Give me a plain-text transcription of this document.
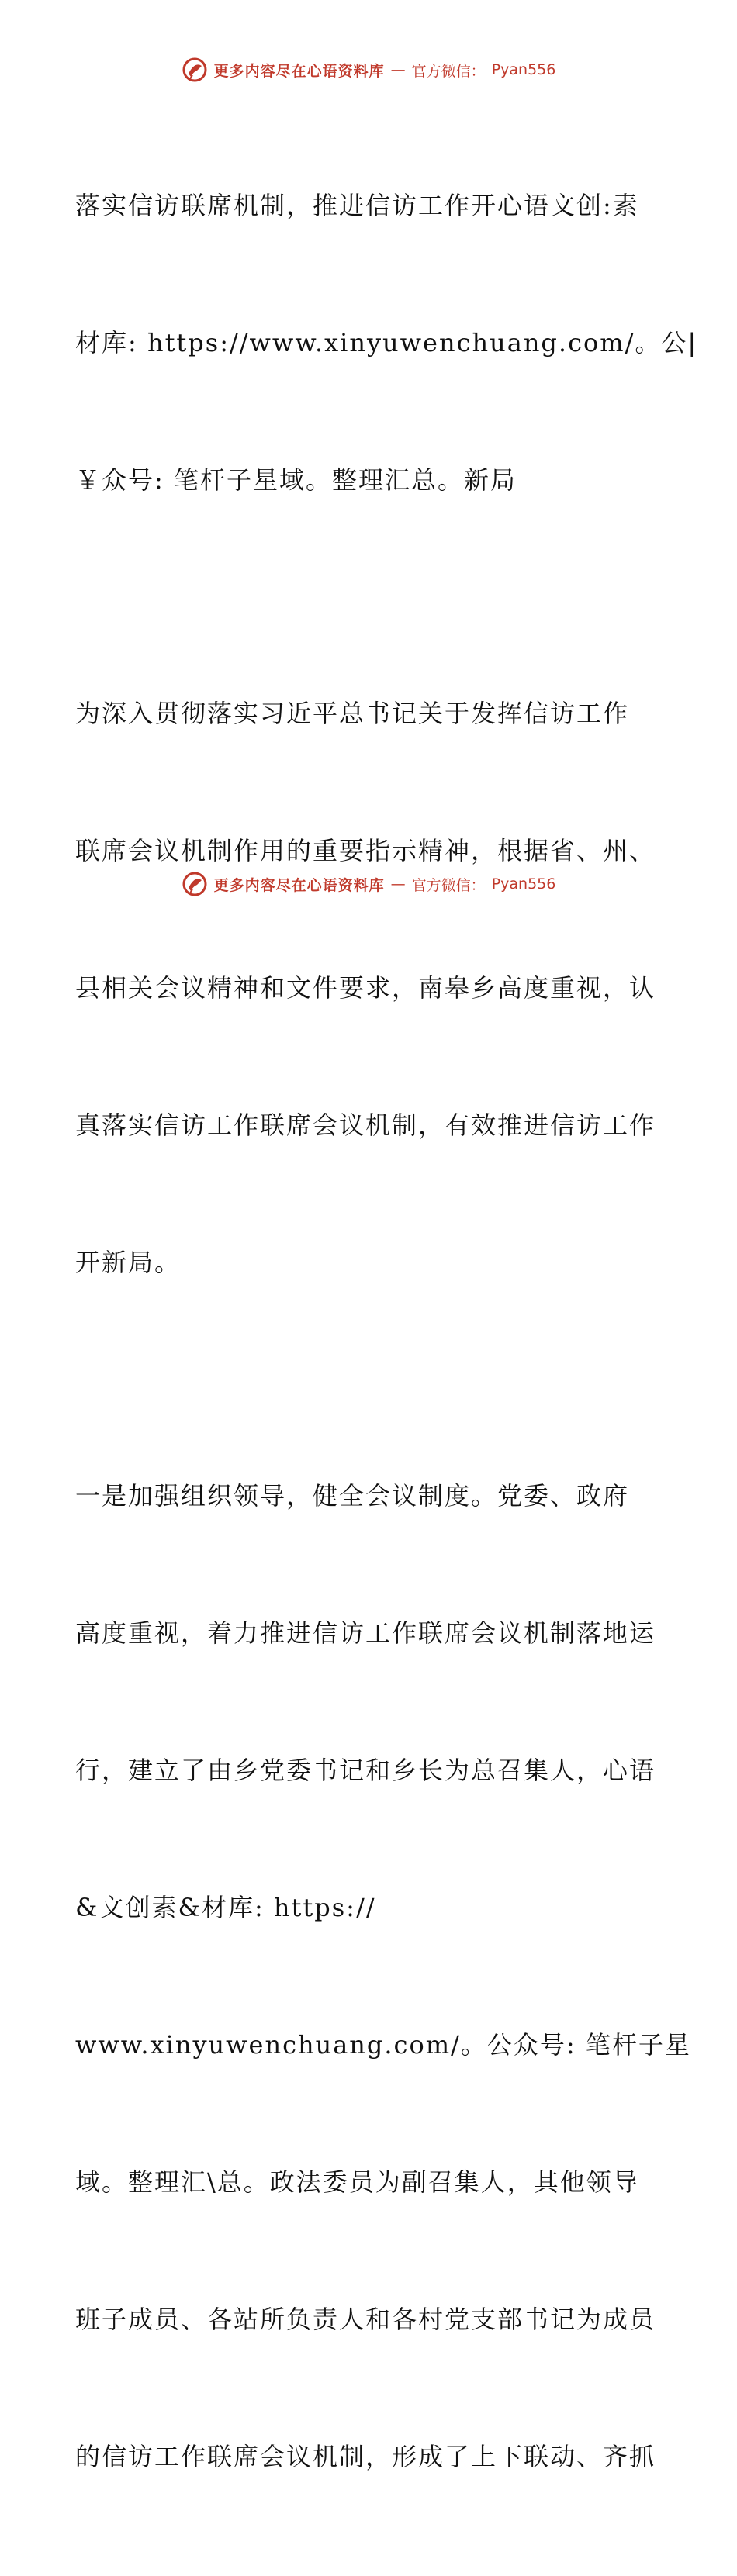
更多内容尽在心语资料库 — 官方微信： Pyan556

落实信访联席机制，推进信访工作开心语文创:素

材库: https://www.xinyuwenchuang.com/。公|

￥众号: 笔杆子星域。整理汇总。新局

为深入贯彻落实习近平总书记关于发挥信访工作

联席会议机制作用的重要指示精神，根据省、州、

县相关会议精神和文件要求，南皋乡高度重视，认

真落实信访工作联席会议机制，有效推进信访工作

开新局。

一是加强组织领导，健全会议制度。党委、政府

高度重视，着力推进信访工作联席会议机制落地运

行，建立了由乡党委书记和乡长为总召集人，心语

&文创素&材库: https://

www.xinyuwenchuang.com/。公众号: 笔杆子星

域。整理汇\总。政法委员为副召集人，其他领导

班子成员、各站所负责人和各村党支部书记为成员

的信访工作联席会议机制，形成了上下联动、齐抓

更多内容尽在心语资料库 — 官方微信： Pyan556
